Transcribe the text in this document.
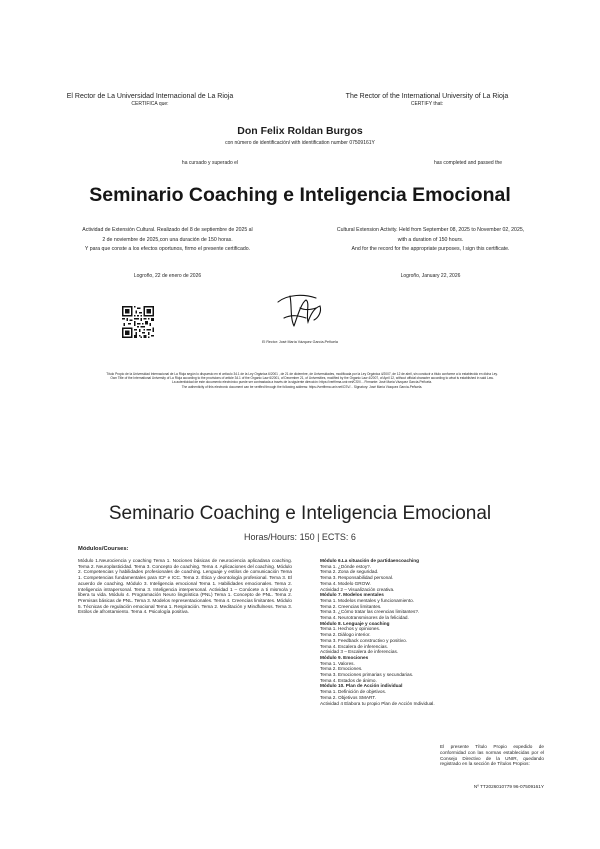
El Rector de La Universidad Internacional de La Rioja
CERTIFICA que:
The Rector of the International University of La Rioja
CERTIFY that:
Don Felix Roldan Burgos
con número de identificación/ with identification number 07509161Y
ha cursado y superado el	has completed and passed the
Seminario Coaching e Inteligencia Emocional
Actividad de Extensión Cultural. Realizado del 8 de septiembre de 2025 al
2 de noviembre de 2025,con una duración de 150 horas.
Y para que conste a los efectos oportunos, firmo el presente certificado.
Cultural Extension Activity. Held from September 08, 2025 to November 02, 2025,
with a duration of 150 hours.
And for the record for the appropriate purposes, I sign this certificate.
Logroño, 22 de enero de 2026	Logroño, January 22, 2026
El Rector: José María Vázquez García-Peñuela
Título Propio de la Universidad Internacional de La Rioja según lo dispuesto en el artículo 34.1 de la Ley Orgánica 6/2001 , de 21 de diciembre, de Universidades, modificada por la Ley Orgánica 4/2007, de 12 de abril, sin conducir a título conforme a lo establecido en dicha Ley.
Own Title of the International University of La Rioja according to the provisions of article 34.1 of the Organic Law 6/2001, of December 21, of Universities, modified by the Organic Law 4/2007, of April 12, without official character according to what is established in said Law.
La autenticidad de este documento electrónico puede ser contrastada a través de la siguiente dirección: https://verifirma.unir.net/CSV/... Firmante: José María Vázquez García-Peñuela.
The authenticity of this electronic document can be verified through the following address: https://verifirma.unir.net/CSV/... Signatory: José María Vázquez García-Peñuela.
Seminario Coaching e Inteligencia Emocional
Horas/Hours: 150 | ECTS: 6
Módulos/Courses:

Módulo 1.Neurociencia y coaching Tema 1. Nociones básicas de neurociencia aplicadasa coaching. Tema 2. Neuroplasticidad. Tema 3. Concepto de coaching. Tema 4. Aplicaciones del coaching. Módulo 2. Competencias y habilidades profesionales de coaching. Lenguaje y estilos de comunicación Tema 1. Competencias fundamentales para ICF e ICC. Tema 2. Ética y deontología profesional. Tema 3. El acuerdo de coaching. Módulo 3. Inteligencia emocional Tema 1. Habilidades emocionales. Tema 2. Inteligencia intrapersonal. Tema 3. Inteligencia interpersonal. Actividad 1 – Conócete a ti mismo/a y libera tu vida. Módulo 4. Programación Neuro lingüística (PNL) Tema 1. Concepto de PNL. Tema 2. Premisas básicas de PNL. Tema 3. Modelos representacionales. Tema 4. Creencias limitantes. Módulo 5. Técnicas de regulación emocional Tema 1. Respiración. Tema 2. Meditación y Mindfulness. Tema 3. Estilos de afrontamiento. Tema 4. Psicología positiva.

Módulo 6.La situación de partidaencoaching
Tema 1. ¿Dónde estoy?.
Tema 2. Zona de seguridad.
Tema 3. Responsabilidad personal.
Tema 4. Modelo GROW.
Actividad 2 – Visualización creativa.
Módulo 7. Modelos mentales
Tema 1. Modelos mentales y funcionamiento.
Tema 2. Creencias limitantes.
Tema 3. ¿Cómo tratar las creencias limitantes?.
Tema 4. Neurotransmisores de la felicidad.
Módulo 8. Lenguaje y coaching
Tema 1. Hechos y opiniones.
Tema 2. Diálogo interior.
Tema 3. Feedback constructivo y positivo.
Tema 4. Escalera de inferencias.
Actividad 3 – Escalera de inferencias.
Módulo 9. Emociones
Tema 1. Valores.
Tema 2. Emociones.
Tema 3. Emociones primarias y secundarias.
Tema 4. Estados de ánimo.
Módulo 10. Plan de Acción individual
Tema 1. Definición de objetivos.
Tema 2. Objetivos SMART.
Actividad 4 Elabora tu propio Plan de Acción Individual.
El presente Título Propio expedido de conformidad con las normas establecidas por el Consejo Directivo de la UNIR, quedando registrado en la sección de Títulos Propios:
Nº TT2026010779 96-07509161Y
